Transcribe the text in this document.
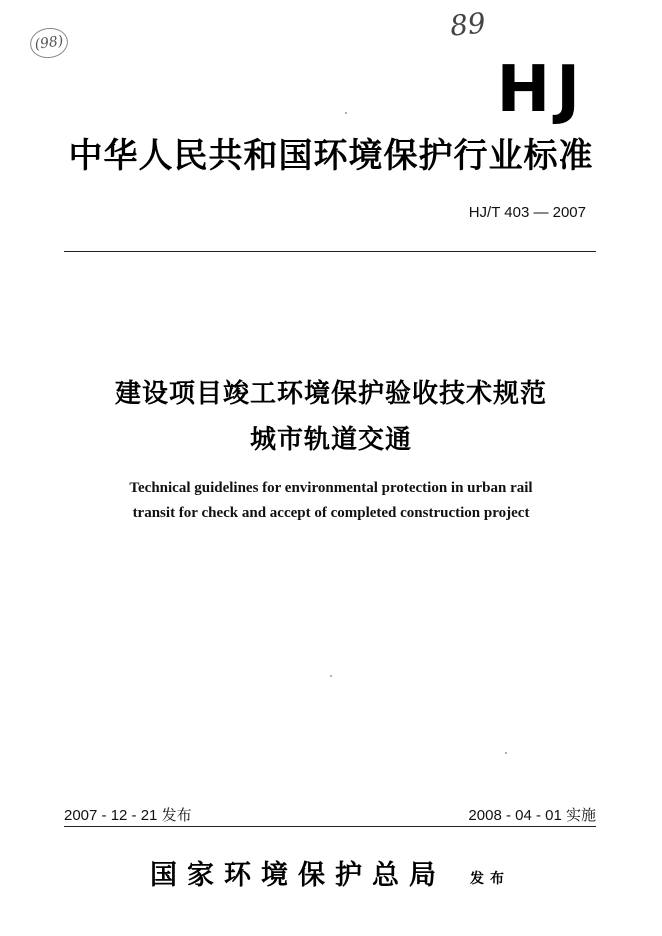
(98)
89
HJ
中华人民共和国环境保护行业标准
HJ/T 403 — 2007
建设项目竣工环境保护验收技术规范
城市轨道交通
Technical guidelines for environmental protection in urban rail
transit for check and accept of completed construction project
2007 - 12 - 21 发布	2008 - 04 - 01 实施
国家环境保护总局 发布
